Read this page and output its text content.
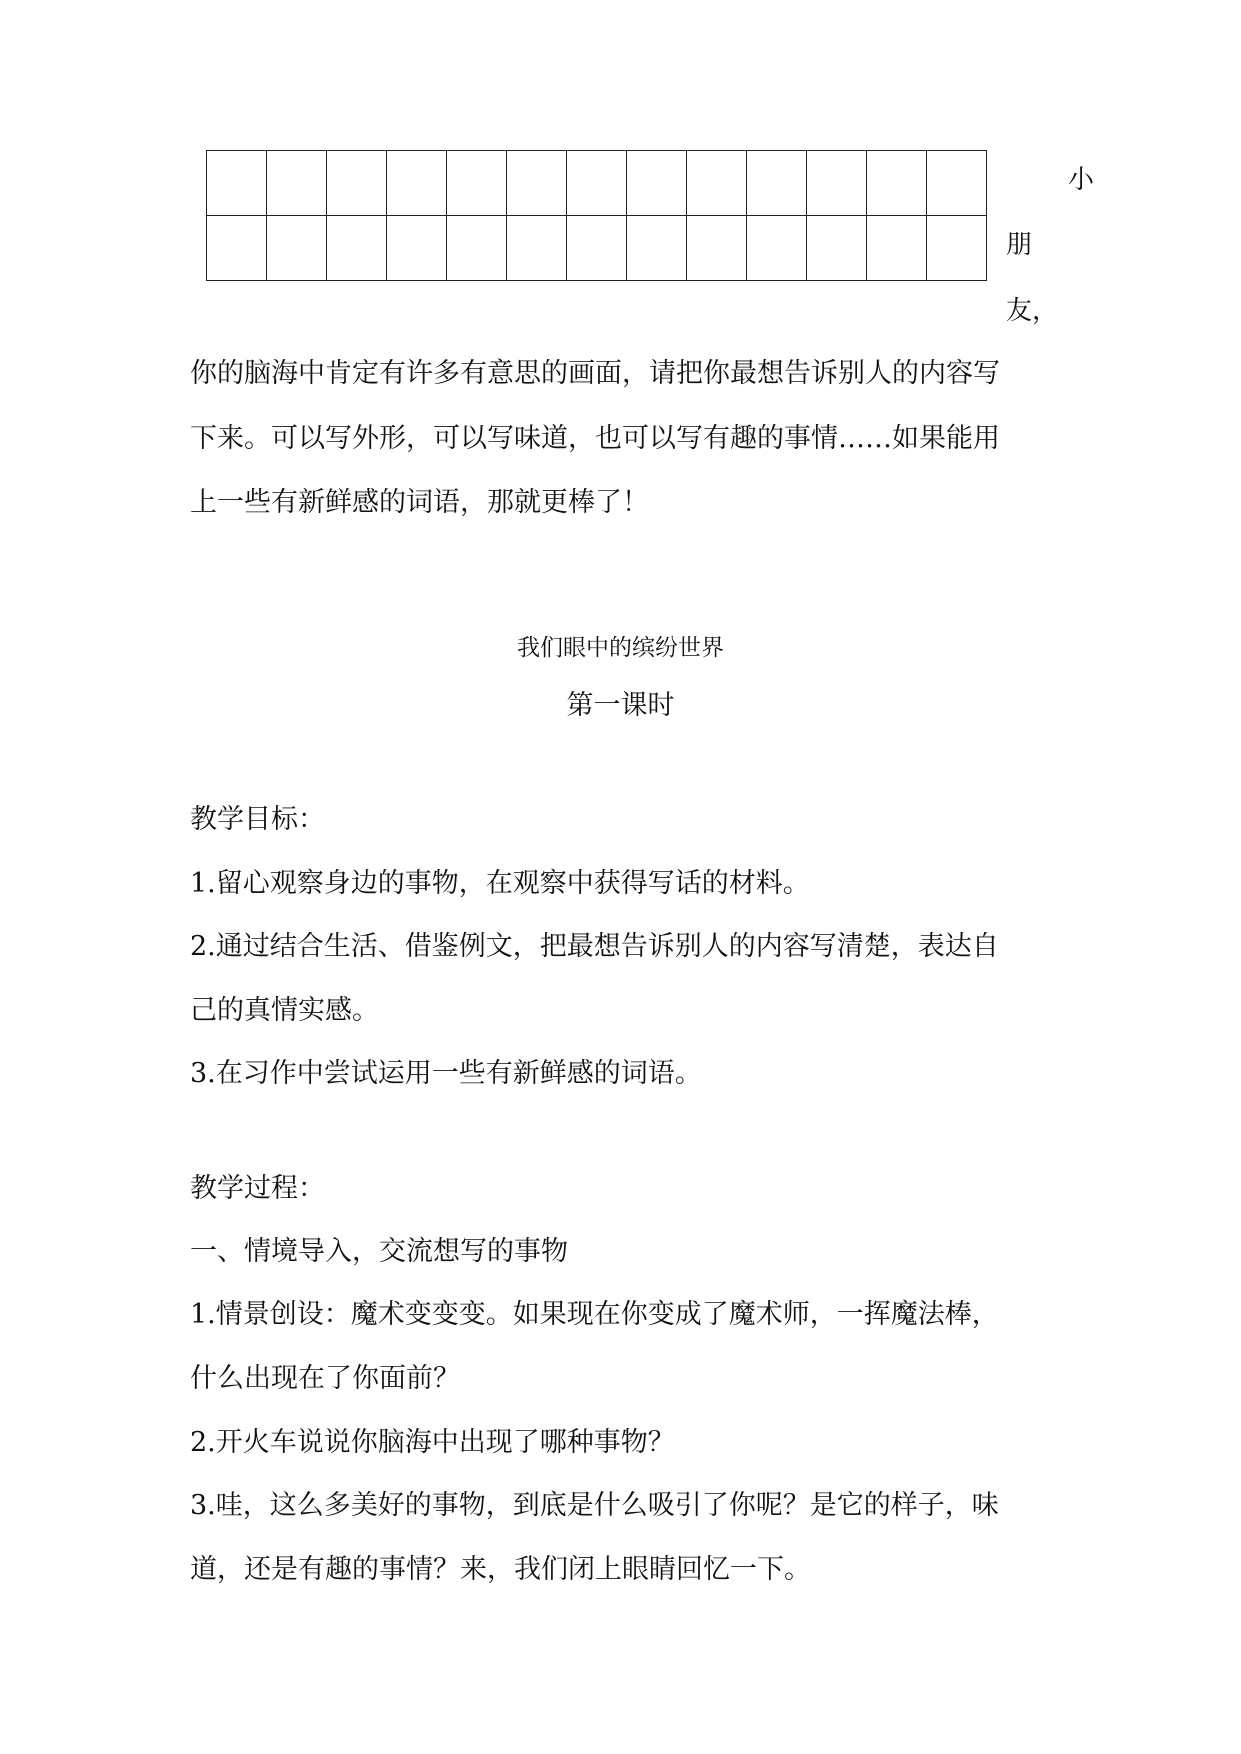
小
朋
友，
你的脑海中肯定有许多有意思的画面，请把你最想告诉别人的内容写
下来。可以写外形，可以写味道，也可以写有趣的事情……如果能用
上一些有新鲜感的词语，那就更棒了！
我们眼中的缤纷世界
第一课时
教学目标：
1.留心观察身边的事物，在观察中获得写话的材料。
2.通过结合生活、借鉴例文，把最想告诉别人的内容写清楚，表达自
己的真情实感。
3.在习作中尝试运用一些有新鲜感的词语。
教学过程：
一、情境导入，交流想写的事物
1.情景创设：魔术变变变。如果现在你变成了魔术师，一挥魔法棒，
什么出现在了你面前？
2.开火车说说你脑海中出现了哪种事物？
3.哇，这么多美好的事物，到底是什么吸引了你呢？是它的样子，味
道，还是有趣的事情？来，我们闭上眼睛回忆一下。
